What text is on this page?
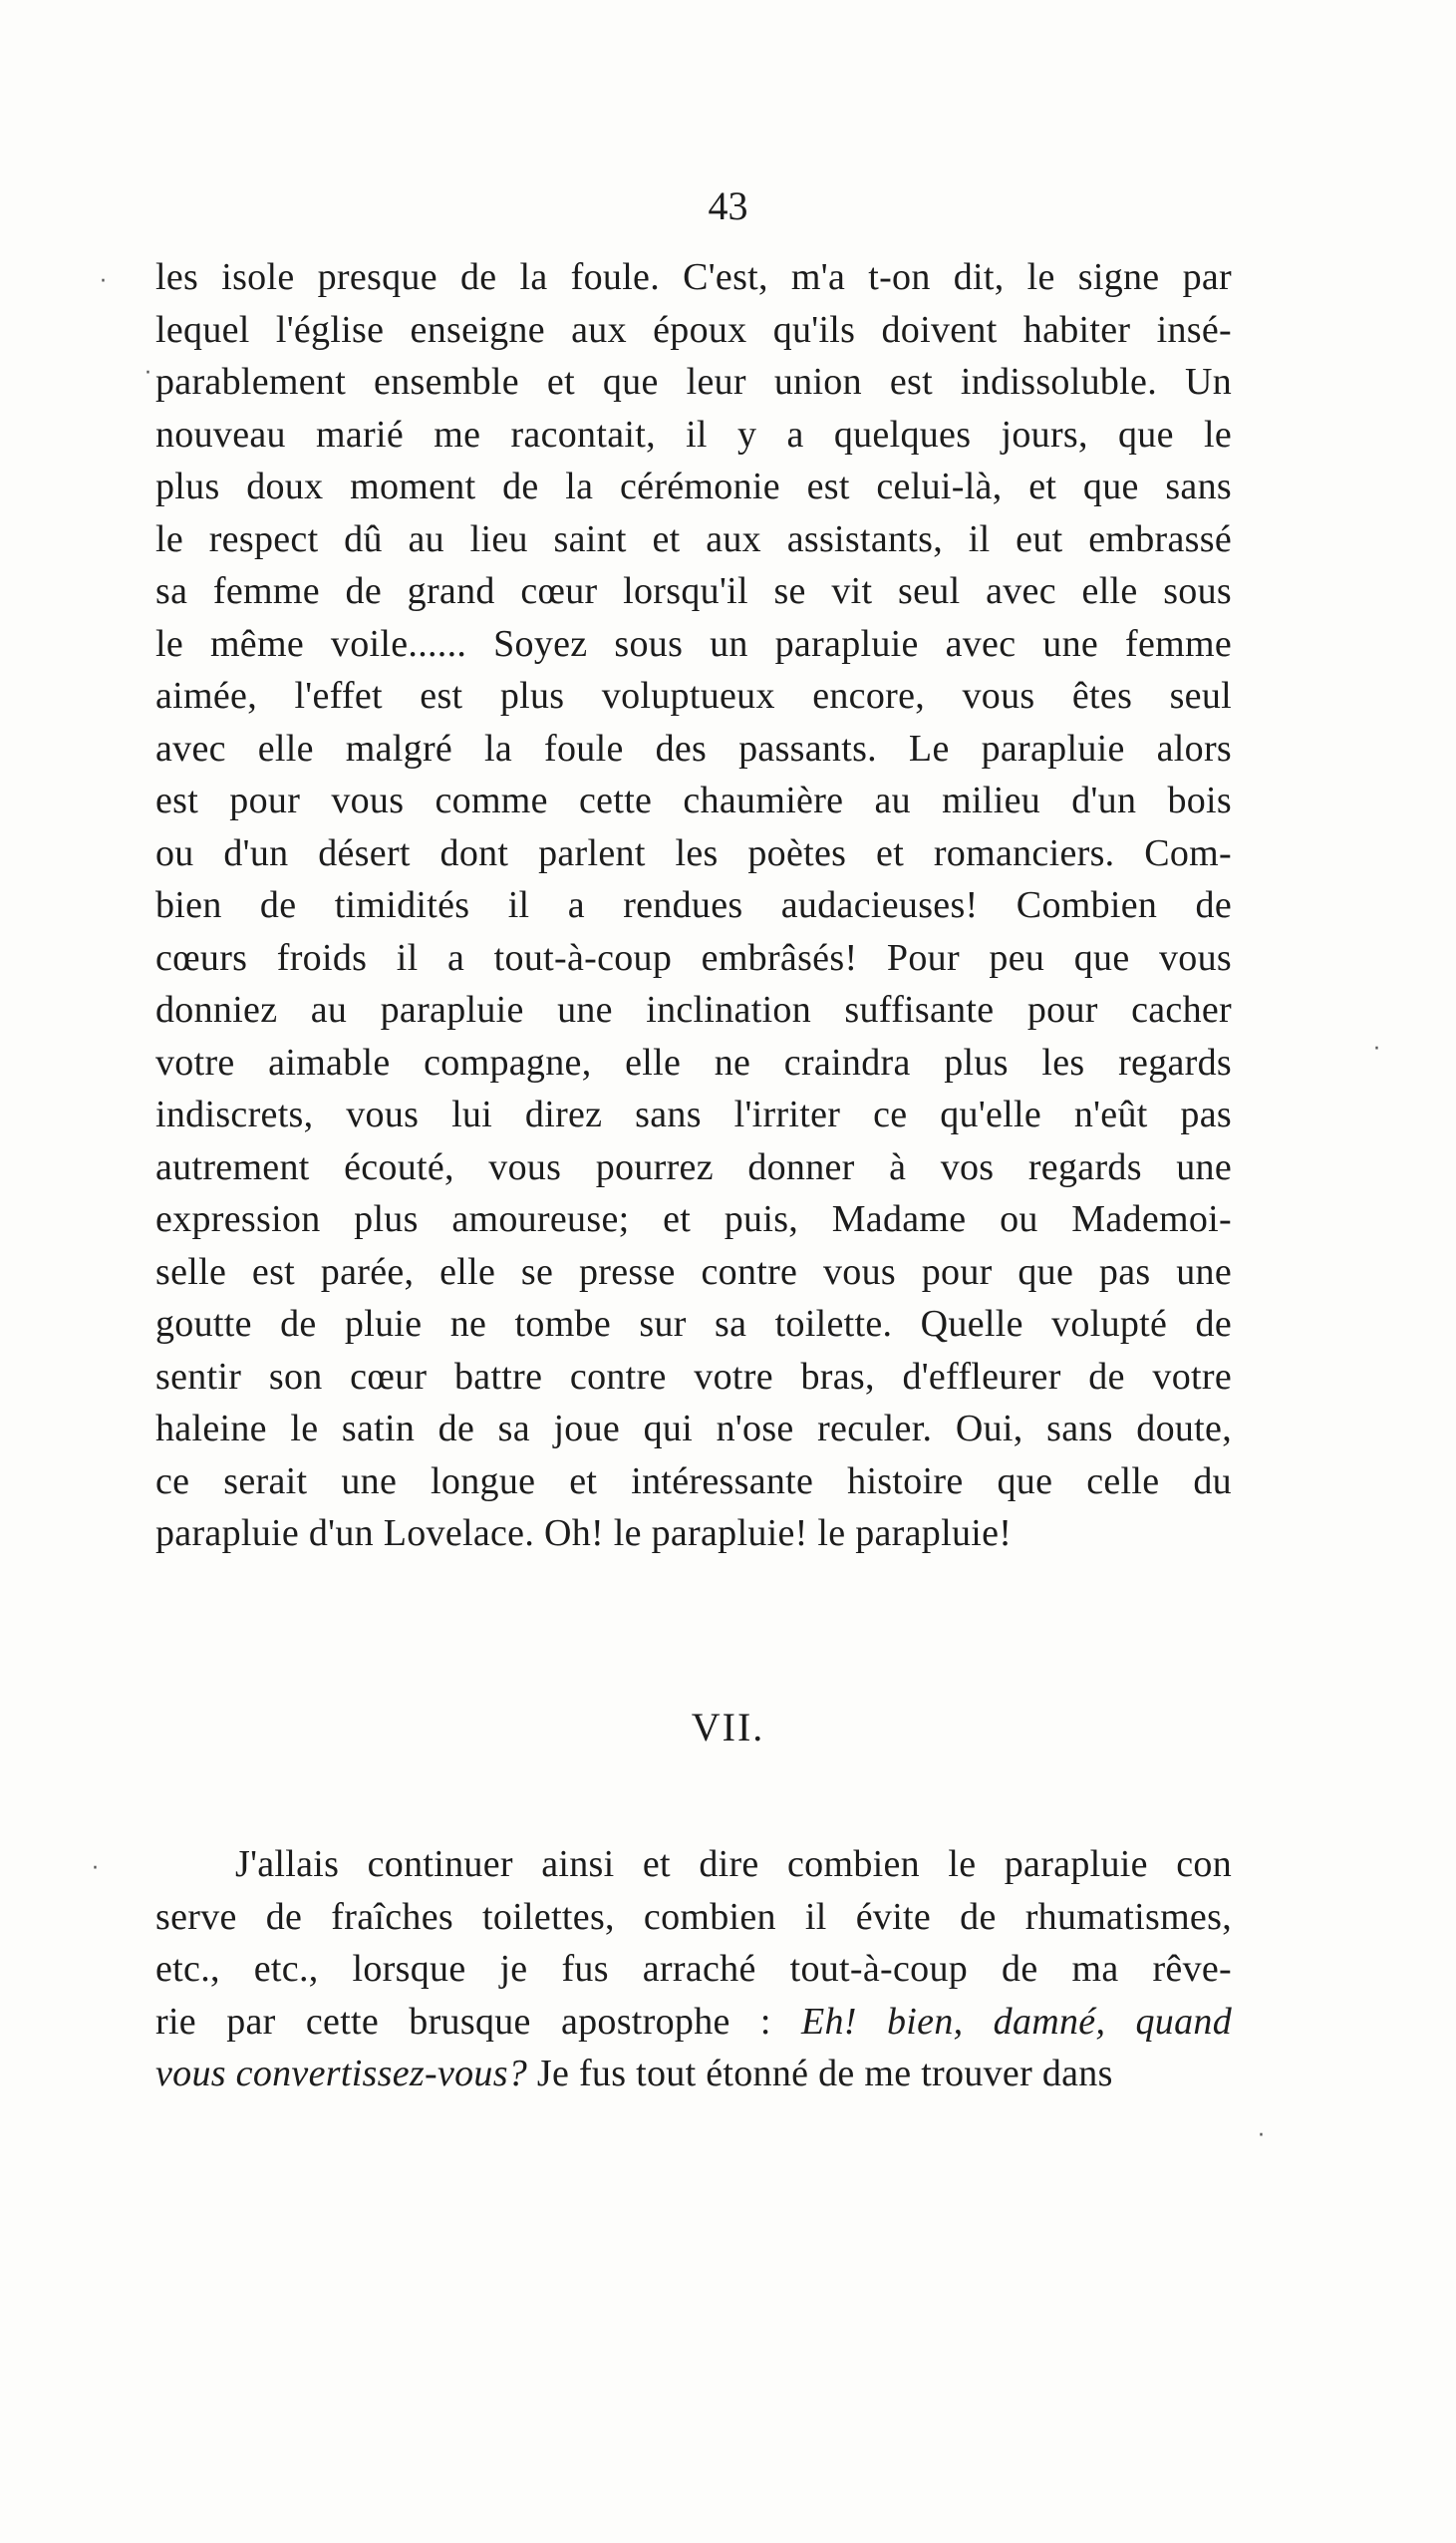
43
les isole presque de la foule. C'est, m'a t-on dit, le signe par
lequel l'église enseigne aux époux qu'ils doivent habiter insé-
parablement ensemble et que leur union est indissoluble. Un
nouveau marié me racontait, il y a quelques jours, que le
plus doux moment de la cérémonie est celui-là, et que sans
le respect dû au lieu saint et aux assistants, il eut embrassé
sa femme de grand cœur lorsqu'il se vit seul avec elle sous
le même voile...... Soyez sous un parapluie avec une femme
aimée, l'effet est plus voluptueux encore, vous êtes seul
avec elle malgré la foule des passants. Le parapluie alors
est pour vous comme cette chaumière au milieu d'un bois
ou d'un désert dont parlent les poètes et romanciers. Com-
bien de timidités il a rendues audacieuses! Combien de
cœurs froids il a tout-à-coup embrâsés! Pour peu que vous
donniez au parapluie une inclination suffisante pour cacher
votre aimable compagne, elle ne craindra plus les regards
indiscrets, vous lui direz sans l'irriter ce qu'elle n'eût pas
autrement écouté, vous pourrez donner à vos regards une
expression plus amoureuse; et puis, Madame ou Mademoi-
selle est parée, elle se presse contre vous pour que pas une
goutte de pluie ne tombe sur sa toilette. Quelle volupté de
sentir son cœur battre contre votre bras, d'effleurer de votre
haleine le satin de sa joue qui n'ose reculer. Oui, sans doute,
ce serait une longue et intéressante histoire que celle du
parapluie d'un Lovelace. Oh! le parapluie! le parapluie!
VII.
J'allais continuer ainsi et dire combien le parapluie con
serve de fraîches toilettes, combien il évite de rhumatismes,
etc., etc., lorsque je fus arraché tout-à-coup de ma rêve-
rie par cette brusque apostrophe : Eh! bien, damné, quand
vous convertissez-vous? Je fus tout étonné de me trouver dans
·
·
·
·
·
